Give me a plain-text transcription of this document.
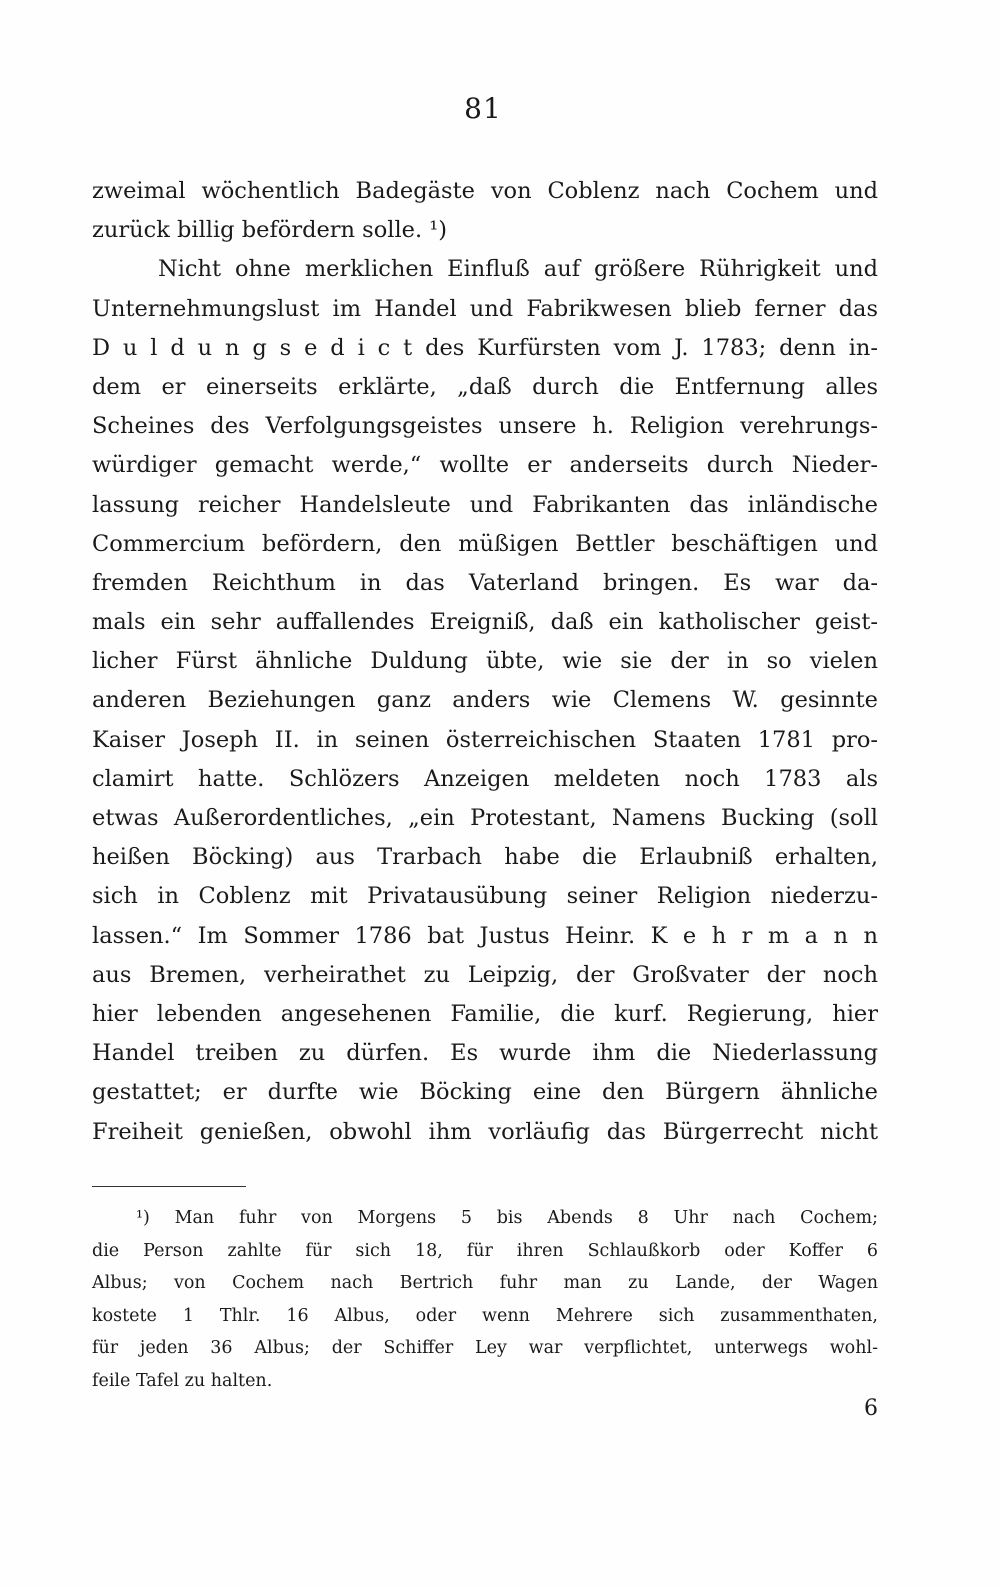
81
zweimal wöchentlich Badegäste von Coblenz nach Cochem und
zurück billig befördern solle. ¹)
Nicht ohne merklichen Einfluß auf größere Rührigkeit und
Unternehmungslust im Handel und Fabrikwesen blieb ferner das
D u l d u n g s e d i c t des Kurfürsten vom J. 1783; denn in-
dem er einerseits erklärte, „daß durch die Entfernung alles
Scheines des Verfolgungsgeistes unsere h. Religion verehrungs-
würdiger gemacht werde,“ wollte er anderseits durch Nieder-
lassung reicher Handelsleute und Fabrikanten das inländische
Commercium befördern, den müßigen Bettler beschäftigen und
fremden Reichthum in das Vaterland bringen. Es war da-
mals ein sehr auffallendes Ereigniß, daß ein katholischer geist-
licher Fürst ähnliche Duldung übte, wie sie der in so vielen
anderen Beziehungen ganz anders wie Clemens W. gesinnte
Kaiser Joseph II. in seinen österreichischen Staaten 1781 pro-
clamirt hatte. Schlözers Anzeigen meldeten noch 1783 als
etwas Außerordentliches, „ein Protestant, Namens Bucking (soll
heißen Böcking) aus Trarbach habe die Erlaubniß erhalten,
sich in Coblenz mit Privatausübung seiner Religion niederzu-
lassen.“ Im Sommer 1786 bat Justus Heinr. K e h r m a n n
aus Bremen, verheirathet zu Leipzig, der Großvater der noch
hier lebenden angesehenen Familie, die kurf. Regierung, hier
Handel treiben zu dürfen. Es wurde ihm die Niederlassung
gestattet; er durfte wie Böcking eine den Bürgern ähnliche
Freiheit genießen, obwohl ihm vorläufig das Bürgerrecht nicht
¹) Man fuhr von Morgens 5 bis Abends 8 Uhr nach Cochem;
die Person zahlte für sich 18, für ihren Schlaußkorb oder Koffer 6
Albus; von Cochem nach Bertrich fuhr man zu Lande, der Wagen
kostete 1 Thlr. 16 Albus, oder wenn Mehrere sich zusammenthaten,
für jeden 36 Albus; der Schiffer Ley war verpflichtet, unterwegs wohl-
feile Tafel zu halten.
6
